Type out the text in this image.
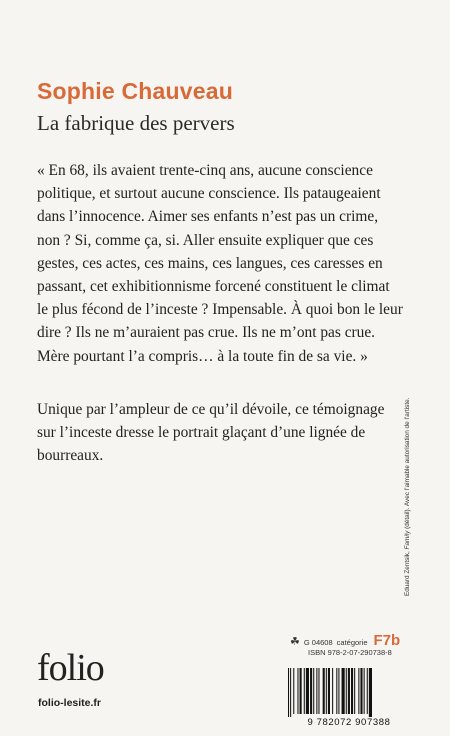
Sophie Chauveau
La fabrique des pervers

« En 68, ils avaient trente-cinq ans, aucune conscience
politique, et surtout aucune conscience. Ils pataugeaient
dans l’innocence. Aimer ses enfants n’est pas un crime,
non ? Si, comme ça, si. Aller ensuite expliquer que ces
gestes, ces actes, ces mains, ces langues, ces caresses en
passant, cet exhibitionnisme forcené constituent le climat
le plus fécond de l’inceste ? Impensable. À quoi bon le leur
dire ? Ils ne m’auraient pas crue. Ils ne m’ont pas crue.
Mère pourtant l’a compris… à la toute fin de sa vie. »

Unique par l’ampleur de ce qu’il dévoile, ce témoignage
sur l’inceste dresse le portrait glaçant d’une lignée de
bourreaux.

Eduard Zentsik, Family (détail). Avec l’aimable autorisation de l’artiste.
☘ G 04608 catégorie F7b
ISBN 978-2-07-290738-8
9 782072 907388
folio
folio-lesite.fr
